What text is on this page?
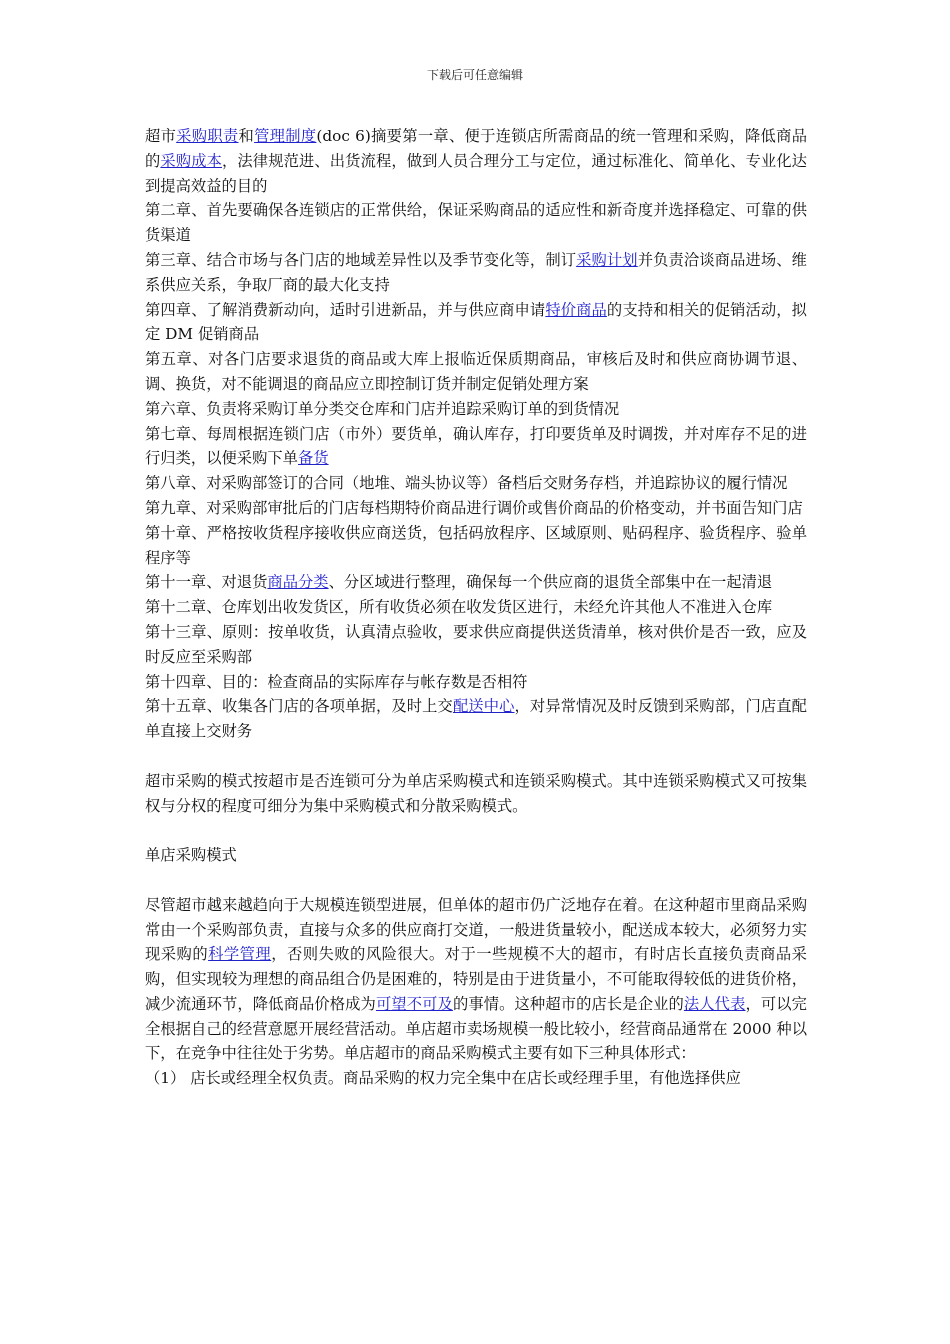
下载后可任意编辑

超市采购职责和管理制度(doc 6)摘要第一章、便于连锁店所需商品的统一管理和采购，降低商品的采购成本，法律规范进、出货流程，做到人员合理分工与定位，通过标准化、简单化、专业化达到提高效益的目的

第二章、首先要确保各连锁店的正常供给，保证采购商品的适应性和新奇度并选择稳定、可靠的供货渠道

第三章、结合市场与各门店的地域差异性以及季节变化等，制订采购计划并负责洽谈商品进场、维系供应关系，争取厂商的最大化支持

第四章、了解消费新动向，适时引进新品，并与供应商申请特价商品的支持和相关的促销活动，拟定 DM 促销商品

第五章、对各门店要求退货的商品或大库上报临近保质期商品，审核后及时和供应商协调节退、调、换货，对不能调退的商品应立即控制订货并制定促销处理方案

第六章、负责将采购订单分类交仓库和门店并追踪采购订单的到货情况

第七章、每周根据连锁门店（市外）要货单，确认库存，打印要货单及时调拨，并对库存不足的进行归类，以便采购下单备货

第八章、对采购部签订的合同（地堆、端头协议等）备档后交财务存档，并追踪协议的履行情况

第九章、对采购部审批后的门店每档期特价商品进行调价或售价商品的价格变动，并书面告知门店

第十章、严格按收货程序接收供应商送货，包括码放程序、区域原则、贴码程序、验货程序、验单程序等

第十一章、对退货商品分类、分区域进行整理，确保每一个供应商的退货全部集中在一起清退

第十二章、仓库划出收发货区，所有收货必须在收发货区进行，未经允许其他人不准进入仓库

第十三章、原则：按单收货，认真清点验收，要求供应商提供送货清单，核对供价是否一致，应及时反应至采购部

第十四章、目的：检查商品的实际库存与帐存数是否相符

第十五章、收集各门店的各项单据，及时上交配送中心，对异常情况及时反馈到采购部，门店直配单直接上交财务

超市采购的模式按超市是否连锁可分为单店采购模式和连锁采购模式。其中连锁采购模式又可按集权与分权的程度可细分为集中采购模式和分散采购模式。

单店采购模式

尽管超市越来越趋向于大规模连锁型进展，但单体的超市仍广泛地存在着。在这种超市里商品采购常由一个采购部负责，直接与众多的供应商打交道，一般进货量较小，配送成本较大，必须努力实现采购的科学管理，否则失败的风险很大。对于一些规模不大的超市，有时店长直接负责商品采购，但实现较为理想的商品组合仍是困难的，特别是由于进货量小，不可能取得较低的进货价格，减少流通环节，降低商品价格成为可望不可及的事情。这种超市的店长是企业的法人代表，可以完全根据自己的经营意愿开展经营活动。单店超市卖场规模一般比较小，经营商品通常在 2000 种以下，在竞争中往往处于劣势。单店超市的商品采购模式主要有如下三种具体形式：

（1） 店长或经理全权负责。商品采购的权力完全集中在店长或经理手里，有他选择供应
